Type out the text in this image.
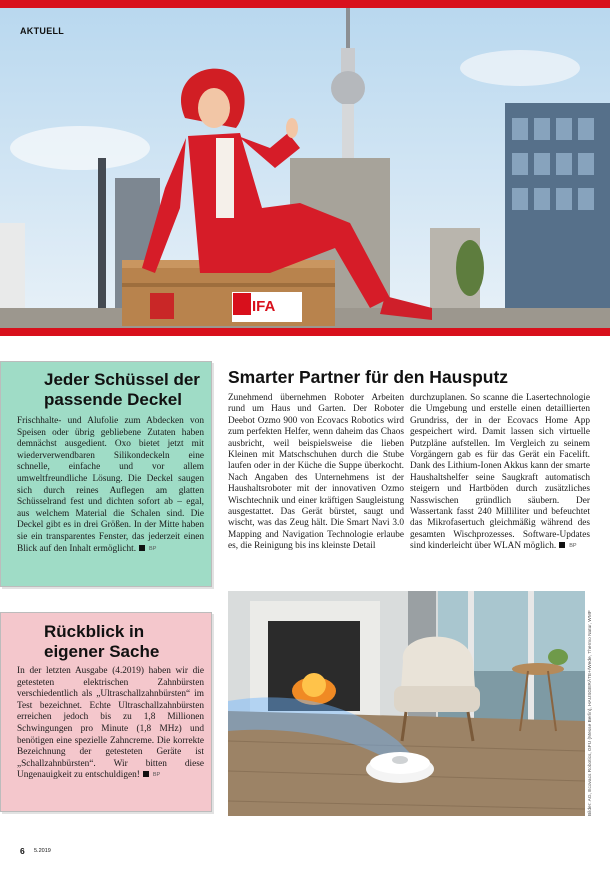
AKTUELL
IFA
Jeder Schüssel der passende Deckel

Frischhalte- und Alufolie zum Abdecken von Speisen oder übrig gebliebene Zutaten haben demnächst ausgedient. Oxo bietet jetzt mit wiederverwendbaren Silikondeckeln eine schnelle, einfache und vor allem umweltfreundliche Lösung. Die Deckel saugen sich durch reines Auflegen am glatten Schüsselrand fest und dichten sofort ab – egal, aus welchem Material die Schalen sind. Die Deckel gibt es in drei Größen. In der Mitte haben sie ein transparentes Fenster, das jederzeit einen Blick auf den Inhalt ermöglicht. BP

Rückblick in eigener Sache

In der letzten Ausgabe (4.2019) haben wir die getesteten elektrischen Zahnbürsten verschiedentlich als „Ultraschallzahnbürsten“ im Test bezeichnet. Echte Ultraschallzahnbürsten erreichen jedoch bis zu 1,8 Millionen Schwingungen pro Minute (1,8 MHz) und benötigen eine spezielle Zahncreme. Die korrekte Bezeichnung der getesteten Geräte ist „Schallzahnbürsten“. Wir bitten diese Ungenauigkeit zu entschuldigen! BP

Smarter Partner für den Hausputz
Zunehmend übernehmen Roboter Arbeiten rund um Haus und Garten. Der Roboter Deebot Ozmo 900 von Ecovacs Robotics wird zum perfekten Helfer, wenn daheim das Chaos ausbricht, weil beispielsweise die lieben Kleinen mit Matschschuhen durch die Stube laufen oder in der Küche die Suppe überkocht. Nach Angaben des Unternehmens ist der Haushaltsroboter mit der innovativen Ozmo Wischtechnik und einer kräftigen Saugleistung ausgestattet. Das Gerät bürstet, saugt und wischt, was das Zeug hält. Die Smart Navi 3.0 Mapping and Navigation Technologie erlaube es, die Reinigung bis ins kleinste Detail
durchzuplanen. So scanne die Lasertechnologie die Umgebung und erstelle einen detaillierten Grundriss, der in der Ecovacs Home App gespeichert wird. Damit lassen sich virtuelle Putzpläne aufstellen. Im Vergleich zu seinem Vorgängern gab es für das Gerät ein Facelift. Dank des Lithium-Ionen Akkus kann der smarte Haushaltshelfer seine Saugkraft automatisch steigern und Hartböden durch zusätzliches Nasswischen gründlich säubern. Der Wassertank fasst 240 Milliliter und befeuchtet das Mikrofasertuch gleichmäßig während des gesamten Wischprozesses. Software-Updates sind kinderleicht über WLAN möglich. BP
Bilder: AG, Ecovacs Robotics, GFU (Messe Berlin), HAUSGERÄTE+/Wede, Thermo Natur, WMF
6 5.2019
